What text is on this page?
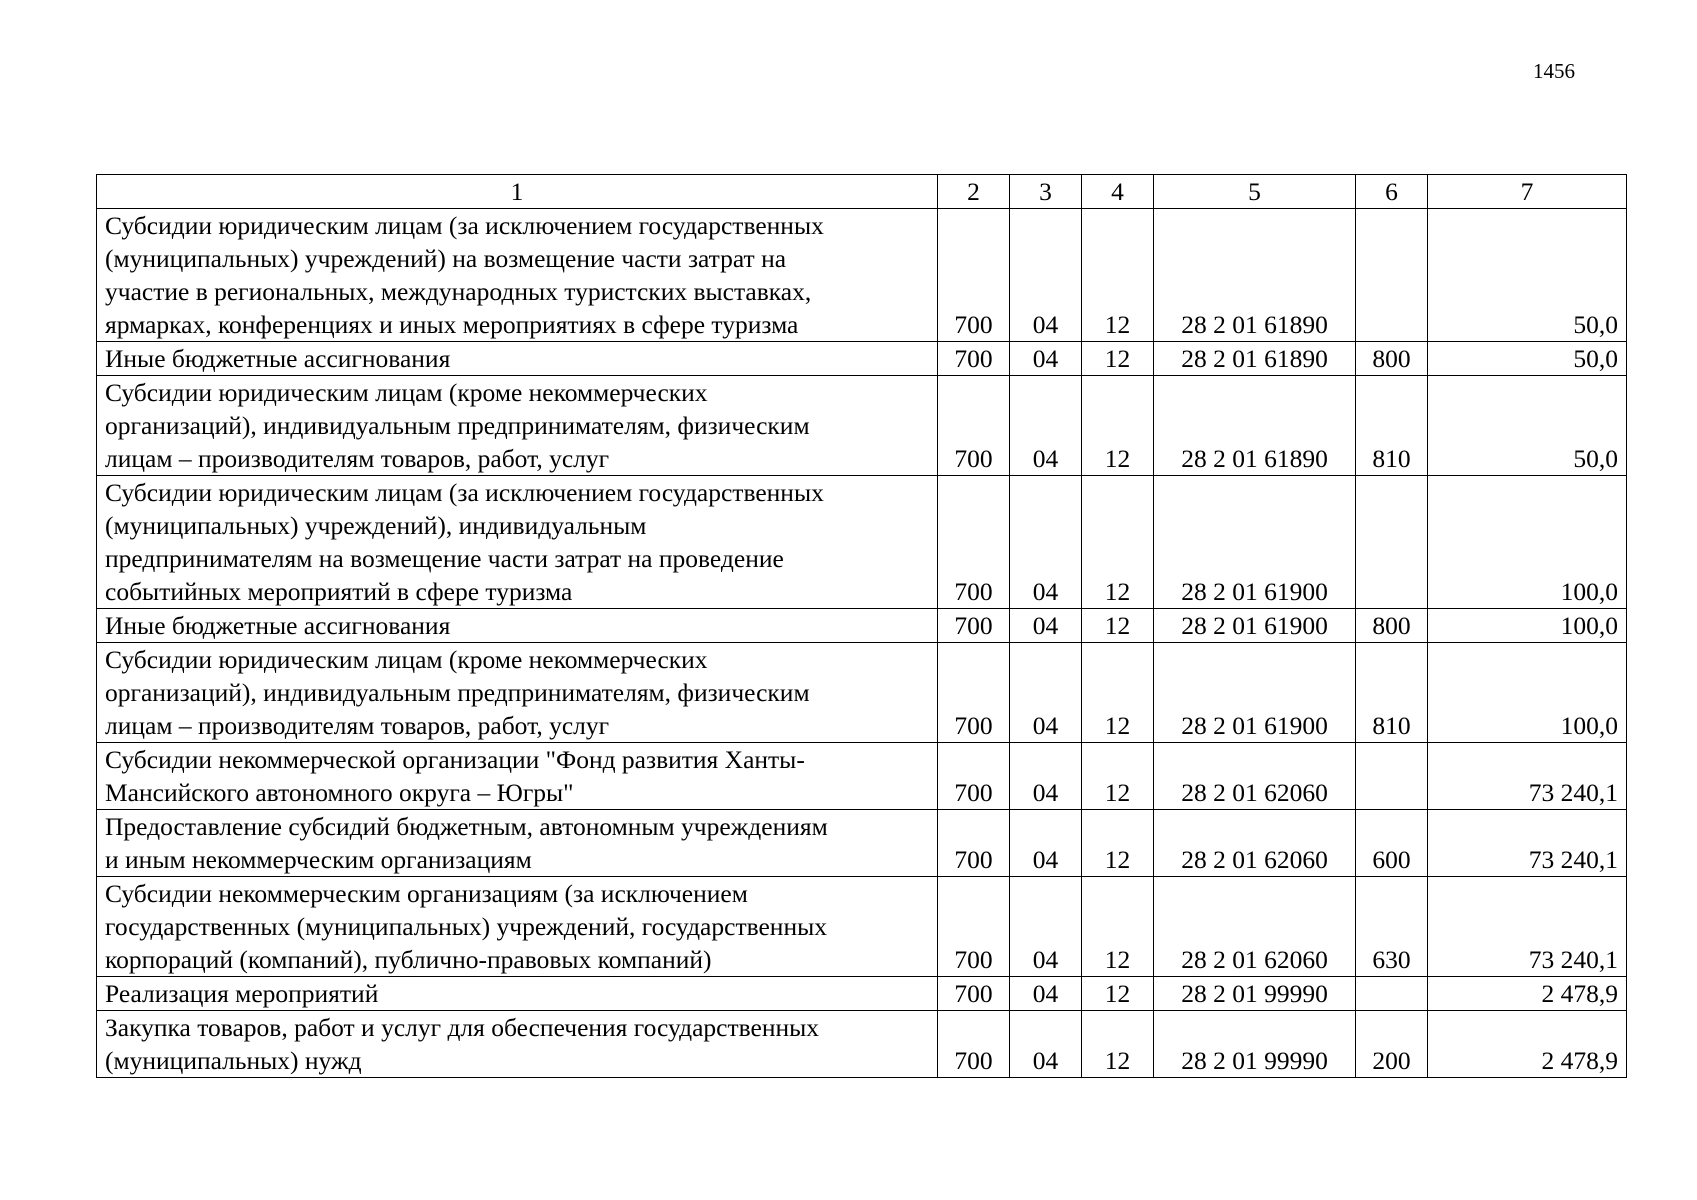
1456
1	2	3	4	5	6	7
Субсидии юридическим лицам (за исключением государственных
(муниципальных) учреждений) на возмещение части затрат на
участие в региональных, международных туристских выставках,
ярмарках, конференциях и иных мероприятиях в сфере туризма	700	04	12	28 2 01 61890		50,0
Иные бюджетные ассигнования	700	04	12	28 2 01 61890	800	50,0
Субсидии юридическим лицам (кроме некоммерческих
организаций), индивидуальным предпринимателям, физическим
лицам – производителям товаров, работ, услуг	700	04	12	28 2 01 61890	810	50,0
Субсидии юридическим лицам (за исключением государственных
(муниципальных) учреждений), индивидуальным
предпринимателям на возмещение части затрат на проведение
событийных мероприятий в сфере туризма	700	04	12	28 2 01 61900		100,0
Иные бюджетные ассигнования	700	04	12	28 2 01 61900	800	100,0
Субсидии юридическим лицам (кроме некоммерческих
организаций), индивидуальным предпринимателям, физическим
лицам – производителям товаров, работ, услуг	700	04	12	28 2 01 61900	810	100,0
Субсидии некоммерческой организации "Фонд развития Ханты-
Мансийского автономного округа – Югры"	700	04	12	28 2 01 62060		73 240,1
Предоставление субсидий бюджетным, автономным учреждениям
и иным некоммерческим организациям	700	04	12	28 2 01 62060	600	73 240,1
Субсидии некоммерческим организациям (за исключением
государственных (муниципальных) учреждений, государственных
корпораций (компаний), публично-правовых компаний)	700	04	12	28 2 01 62060	630	73 240,1
Реализация мероприятий	700	04	12	28 2 01 99990		2 478,9
Закупка товаров, работ и услуг для обеспечения государственных
(муниципальных) нужд	700	04	12	28 2 01 99990	200	2 478,9
